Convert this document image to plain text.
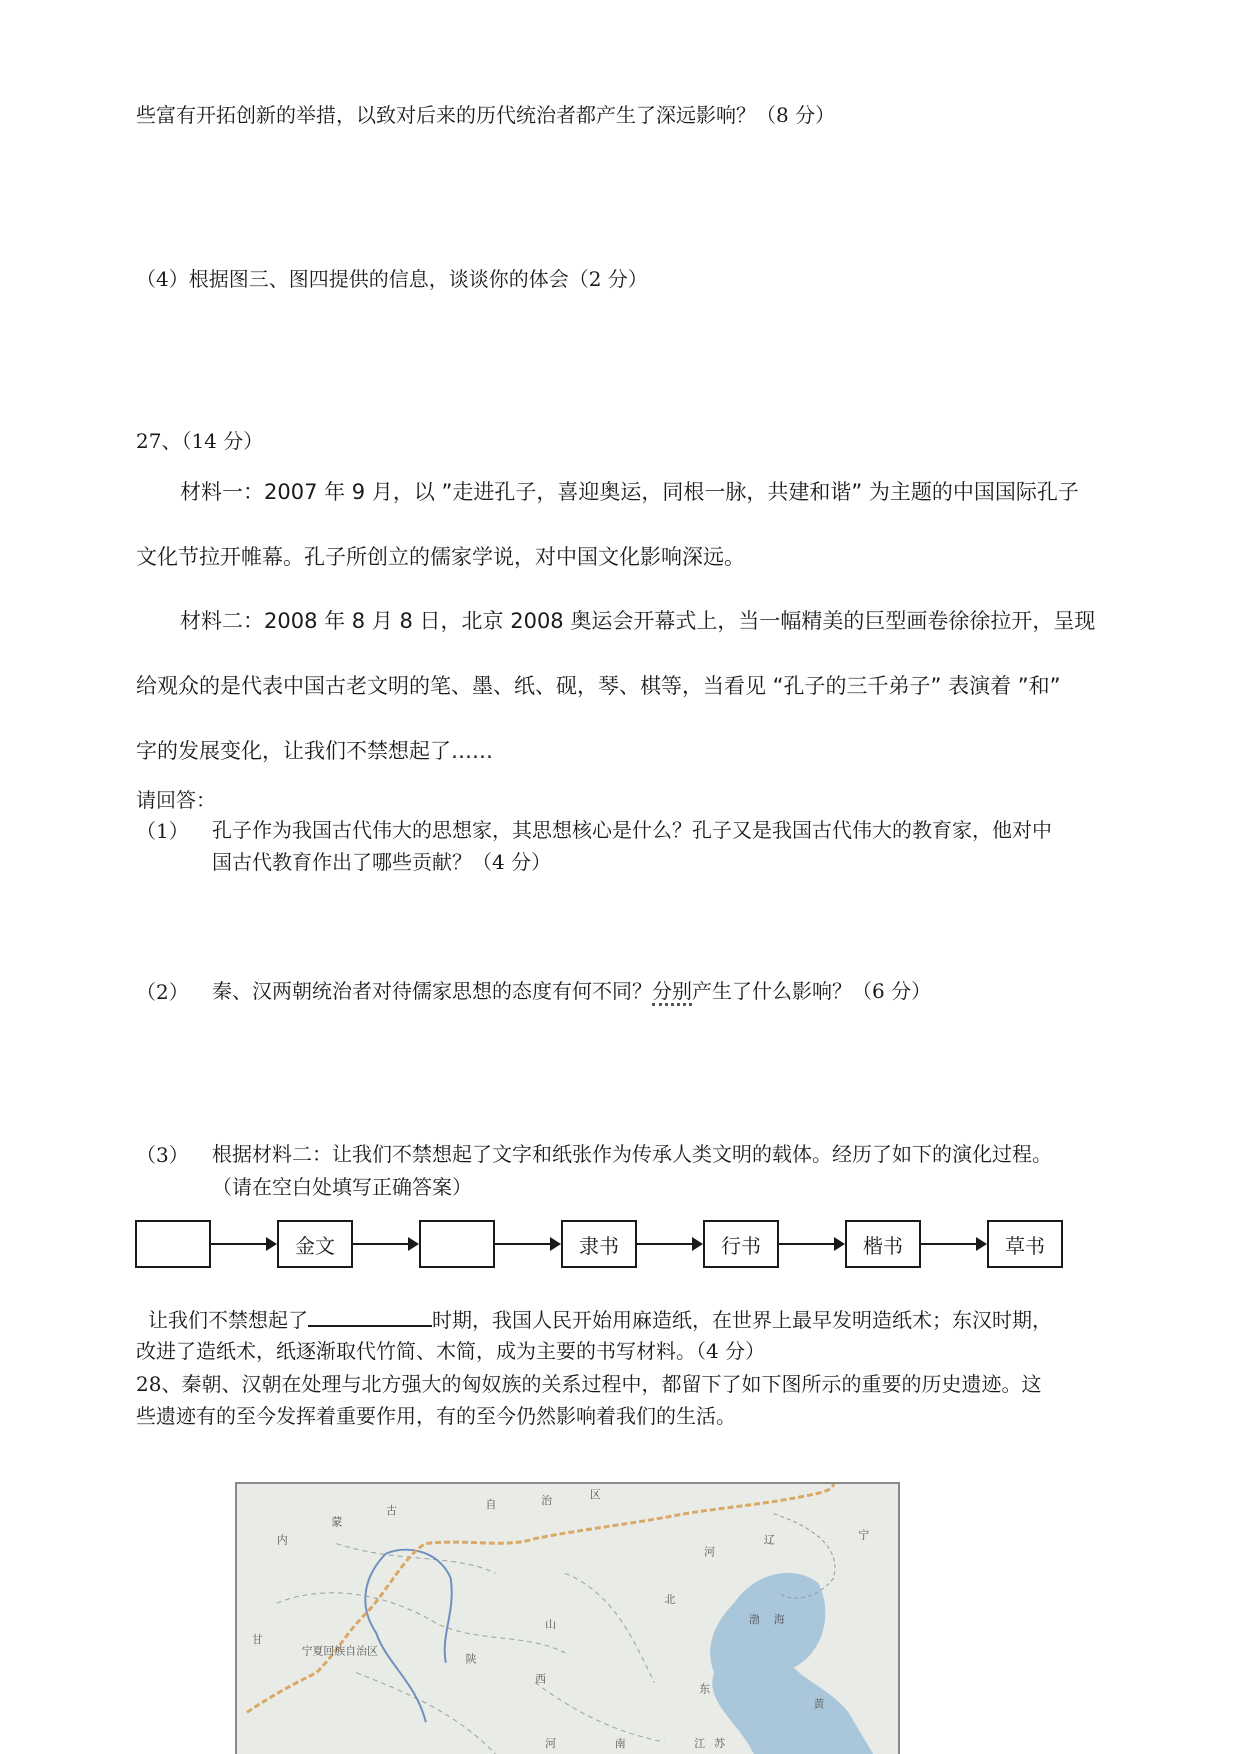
些富有开拓创新的举措，以致对后来的历代统治者都产生了深远影响？（8 分）
（4）根据图三、图四提供的信息，谈谈你的体会（2 分）
27、（14 分）
材料一：2007 年 9 月，以 ”走进孔子，喜迎奥运，同根一脉，共建和谐” 为主题的中国国际孔子
文化节拉开帷幕。孔子所创立的儒家学说，对中国文化影响深远。
材料二：2008 年 8 月 8 日，北京 2008 奥运会开幕式上，当一幅精美的巨型画卷徐徐拉开，呈现
给观众的是代表中国古老文明的笔、墨、纸、砚，琴、棋等，当看见 “孔子的三千弟子” 表演着 ”和”
字的发展变化，让我们不禁想起了……
请回答：
（1） 孔子作为我国古代伟大的思想家，其思想核心是什么？孔子又是我国古代伟大的教育家，他对中
国古代教育作出了哪些贡献？（4 分）
（2） 秦、汉两朝统治者对待儒家思想的态度有何不同？分别产生了什么影响？（6 分）
（3） 根据材料二：让我们不禁想起了文字和纸张作为传承人类文明的载体。经历了如下的演化过程。
（请在空白处填写正确答案）
金文	隶书	行书	楷书	草书
让我们不禁想起了	时期，我国人民开始用麻造纸，在世界上最早发明造纸术；东汉时期，
改进了造纸术，纸逐渐取代竹简、木简，成为主要的书写材料。（4 分）
28、秦朝、汉朝在处理与北方强大的匈奴族的关系过程中，都留下了如下图所示的重要的历史遗迹。这
些遗迹有的至今发挥着重要作用，有的至今仍然影响着我们的生活。
区
古	自	治
蒙
内	辽	宁
河
渤 海
山
北
陕
西
甘
东
黄
河	南	江 苏
宁夏回族自治区
